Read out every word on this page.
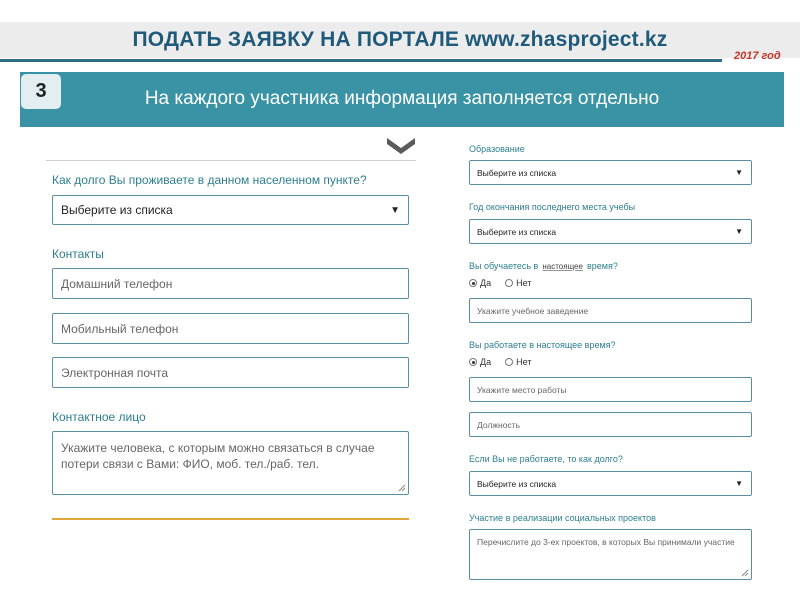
ПОДАТЬ ЗАЯВКУ НА ПОРТАЛЕ www.zhasproject.kz
2017 год
3	На каждого участника информация заполняется отдельно
Как долго Вы проживаете в данном населенном пункте?
Выберите из списка	▼
Контакты
Домашний телефон
Мобильный телефон
Электронная почта
Контактное лицо
Укажите человека, с которым можно связаться в случае потери связи с Вами: ФИО, моб. тел./раб. тел.
Образование
Выберите из списка	▼
Год окончания последнего места учебы
Выберите из списка	▼
Вы обучаетесь в настоящее время?
Да	Нет
Укажите учебное заведение
Вы работаете в настоящее время?
Да	Нет
Укажите место работы
Должность
Если Вы не работаете, то как долго?
Выберите из списка	▼
Участие в реализации социальных проектов
Перечислите до 3-ех проектов, в которых Вы принимали участие
